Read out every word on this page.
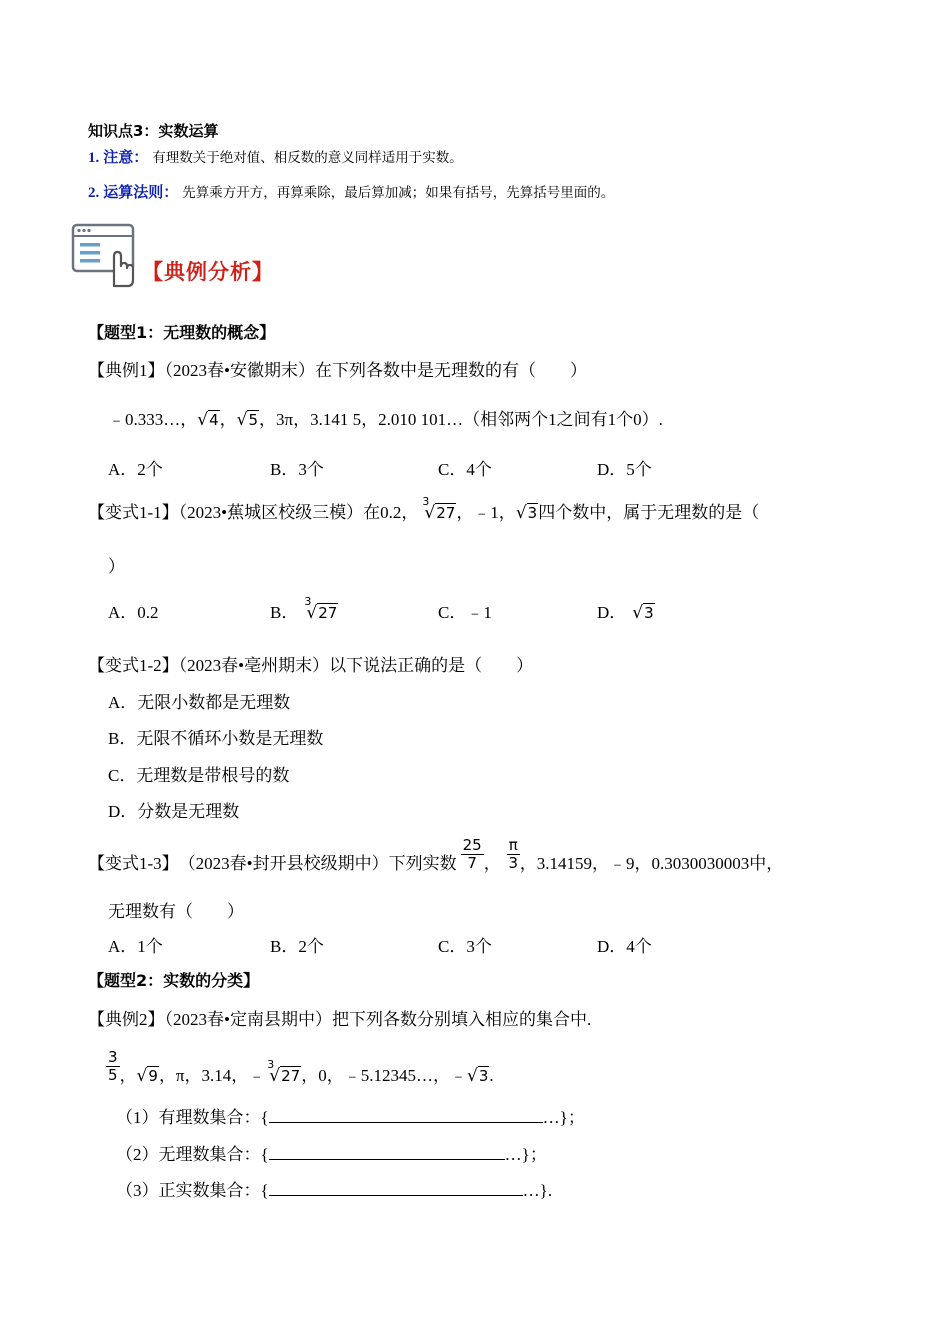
知识点3：实数运算
1. 注意： 有理数关于绝对值、相反数的意义同样适用于实数。
2. 运算法则： 先算乘方开方，再算乘除，最后算加减；如果有括号，先算括号里面的。
【典例分析】
【题型1：无理数的概念】
【典例1】（2023春•安徽期末）在下列各数中是无理数的有（　　）
﹣0.333…，√4，√5，3π，3.141 5，2.010 101…（相邻两个1之间有1个0）.
A．2个	B．3个	C．4个	D．5个
【变式1-1】（2023•蕉城区校级三模）在0.2，
3
√27，﹣1，√3四个数中，属于无理数的是（
）
A．0.2	B．
3
√27	C．﹣1	D． √3
【变式1-2】（2023春•亳州期末）以下说法正确的是（　　）
A．无限小数都是无理数
B．无限不循环小数是无理数
C．无理数是带根号的数
D．分数是无理数
【变式1-3】 （2023春•封开县校级期中）下列实数 $\frac{25}{7}$ ， $\frac{\pi}{3}$ ，3.14159，﹣9，0.3030030003中，
无理数有（　　）
A．1个	B．2个	C．3个	D．4个
【题型2：实数的分类】
【典例2】（2023春•定南县期中）把下列各数分别填入相应的集合中.
$\frac{3}{5}$ ， √9 ，π，3.14，﹣
3
√27 ，0，﹣5.12345…，﹣ √3 .
（1）有理数集合：{	…}；
（2）无理数集合：{	…}；
（3）正实数集合：{	…}.
